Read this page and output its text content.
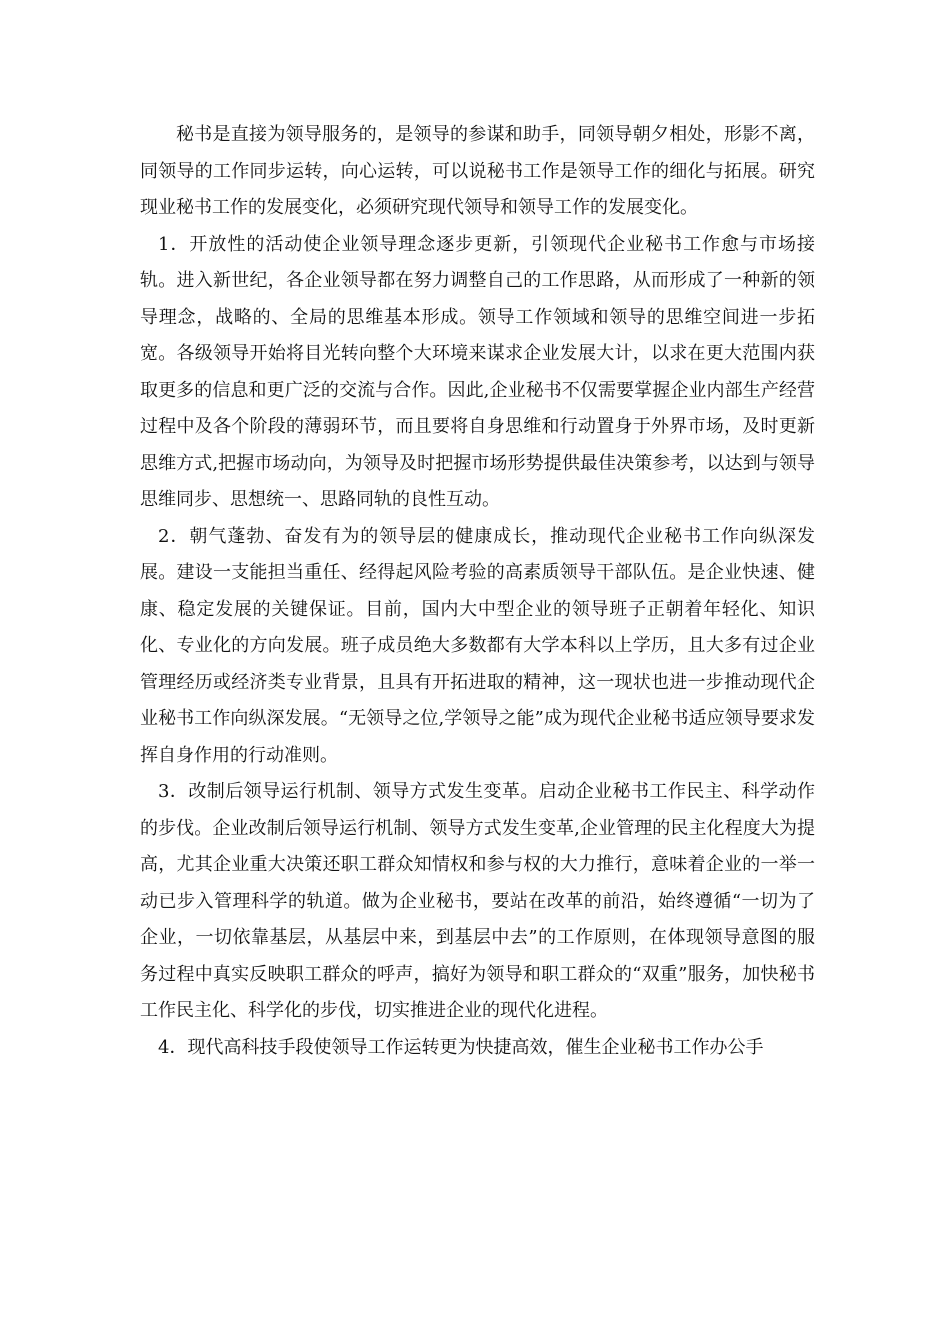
秘书是直接为领导服务的，是领导的参谋和助手，同领导朝夕相处，形影不离，同领导的工作同步运转，向心运转，可以说秘书工作是领导工作的细化与拓展。研究现业秘书工作的发展变化，必须研究现代领导和领导工作的发展变化。

1．开放性的活动使企业领导理念逐步更新，引领现代企业秘书工作愈与市场接轨。进入新世纪，各企业领导都在努力调整自己的工作思路，从而形成了一种新的领导理念，战略的、全局的思维基本形成。领导工作领域和领导的思维空间进一步拓宽。各级领导开始将目光转向整个大环境来谋求企业发展大计，以求在更大范围内获取更多的信息和更广泛的交流与合作。因此,企业秘书不仅需要掌握企业内部生产经营过程中及各个阶段的薄弱环节，而且要将自身思维和行动置身于外界市场，及时更新思维方式,把握市场动向，为领导及时把握市场形势提供最佳决策参考，以达到与领导思维同步、思想统一、思路同轨的良性互动。

2．朝气蓬勃、奋发有为的领导层的健康成长，推动现代企业秘书工作向纵深发展。建设一支能担当重任、经得起风险考验的高素质领导干部队伍。是企业快速、健康、稳定发展的关键保证。目前，国内大中型企业的领导班子正朝着年轻化、知识化、专业化的方向发展。班子成员绝大多数都有大学本科以上学历，且大多有过企业管理经历或经济类专业背景，且具有开拓进取的精神，这一现状也进一步推动现代企业秘书工作向纵深发展。“无领导之位,学领导之能”成为现代企业秘书适应领导要求发挥自身作用的行动准则。

3．改制后领导运行机制、领导方式发生变革。启动企业秘书工作民主、科学动作的步伐。企业改制后领导运行机制、领导方式发生变革,企业管理的民主化程度大为提高，尤其企业重大决策还职工群众知情权和参与权的大力推行，意味着企业的一举一动已步入管理科学的轨道。做为企业秘书，要站在改革的前沿，始终遵循“一切为了企业，一切依靠基层，从基层中来，到基层中去”的工作原则，在体现领导意图的服务过程中真实反映职工群众的呼声，搞好为领导和职工群众的“双重”服务，加快秘书工作民主化、科学化的步伐，切实推进企业的现代化进程。

4．现代高科技手段使领导工作运转更为快捷高效，催生企业秘书工作办公手
